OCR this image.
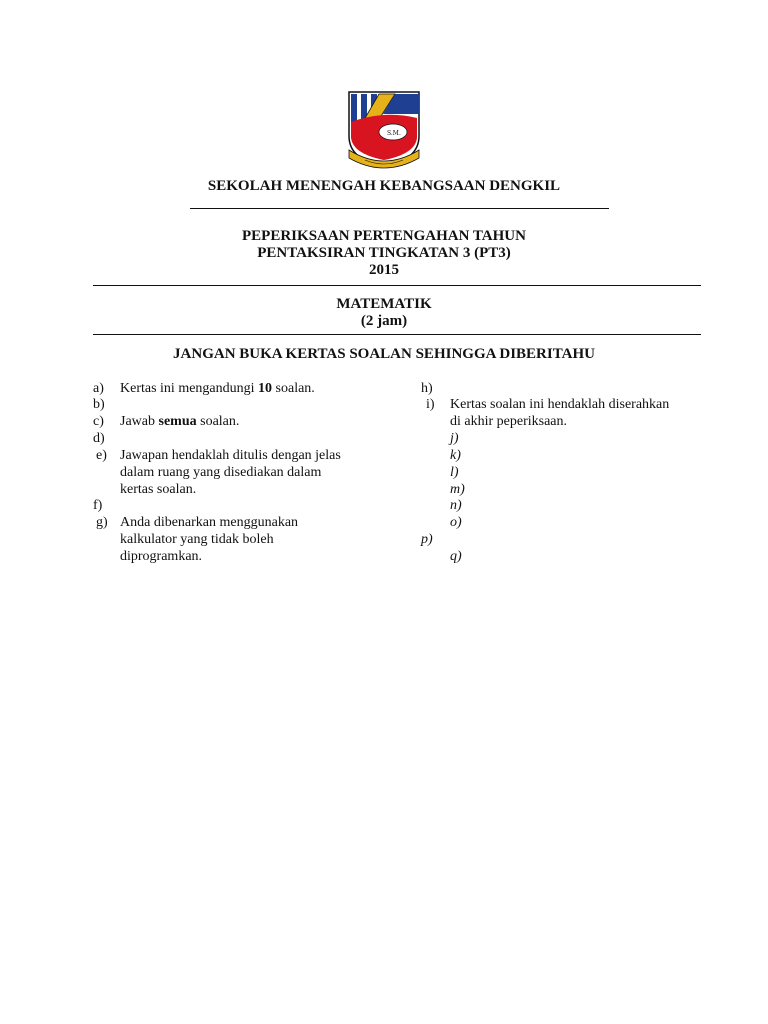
S.M.
SEKOLAH MENENGAH KEBANGSAAN DENGKIL
PEPERIKSAAN PERTENGAHAN TAHUN
PENTAKSIRAN TINGKATAN 3 (PT3)
2015
MATEMATIK
(2 jam)
JANGAN BUKA KERTAS SOALAN SEHINGGA DIBERITAHU
a) Kertas ini mengandungi 10 soalan.
b)
c) Jawab semua soalan.
d)
e) Jawapan hendaklah ditulis dengan jelas
dalam ruang yang disediakan dalam
kertas soalan.
f)
g) Anda dibenarkan menggunakan
kalkulator yang tidak boleh
diprogramkan.
h)
i) Kertas soalan ini hendaklah diserahkan
di akhir peperiksaan.
j)
k)
l)
m)
n)
o)
p)
q)
